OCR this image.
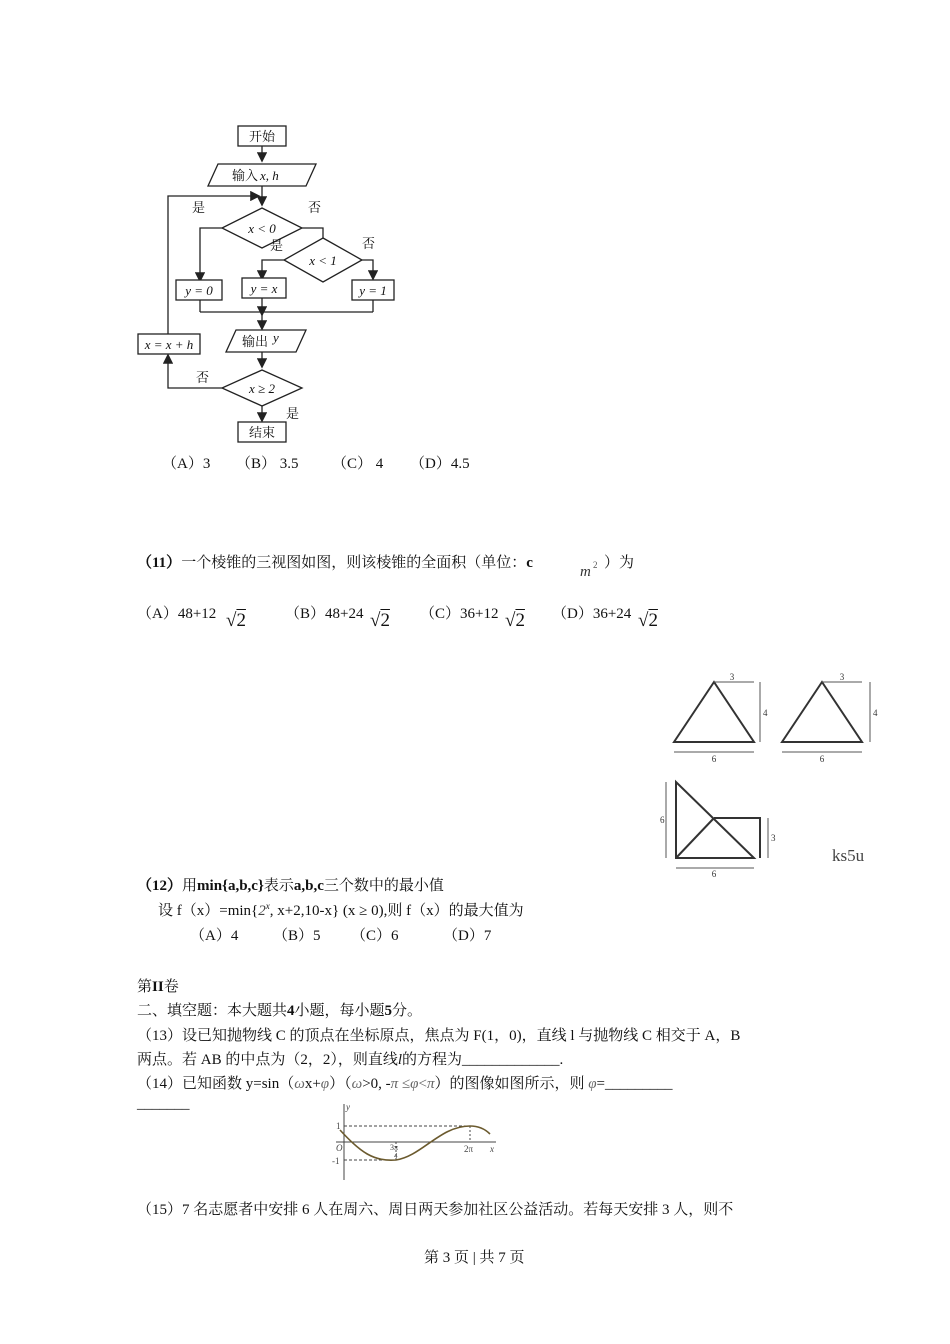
开始
输入 x, h
x < 0
x < 1
x ≥ 2
y = 0	y = x	y = 1
x = x + h	输出 y
结束
是	否
是	否
否
是
（A）3 （B） 3.5 （C） 4 （D）4.5
（11）一个棱锥的三视图如图，则该棱锥的全面积（单位：c
m 2 ）为
（A）48+12 √2	（B）48+24 √2 （C）36+12 √2 （D）36+24 √2
3
4
6
3
4
6
6
6
3
ks5u
（12）用min{a,b,c}表示a,b,c三个数中的最小值
设 $f(x)=\min\{2^x$, x+2,10-x} (x ≥ 0),则 f（x）的最大值为
（A）4 （B）5 （C）6	（D）7
第II卷
二、填空题：本大题共4小题，每小题5分。
（13）设已知抛物线 C 的顶点在坐标原点，焦点为 F(1，0)，直线 l 与抛物线 C 相交于 A，B
两点。若 AB 的中点为（2，2），则直线l的方程为_____________.
（14）已知函数 y=sin（ωx+φ）（ω>0, -π ≤φ<π）的图像如图所示，则 φ=_________
_______	y
x
1
-1
O	3π
4
2π
（15）7 名志愿者中安排 6 人在周六、周日两天参加社区公益活动。若每天安排 3 人，则不
第 3 页 | 共 7 页
